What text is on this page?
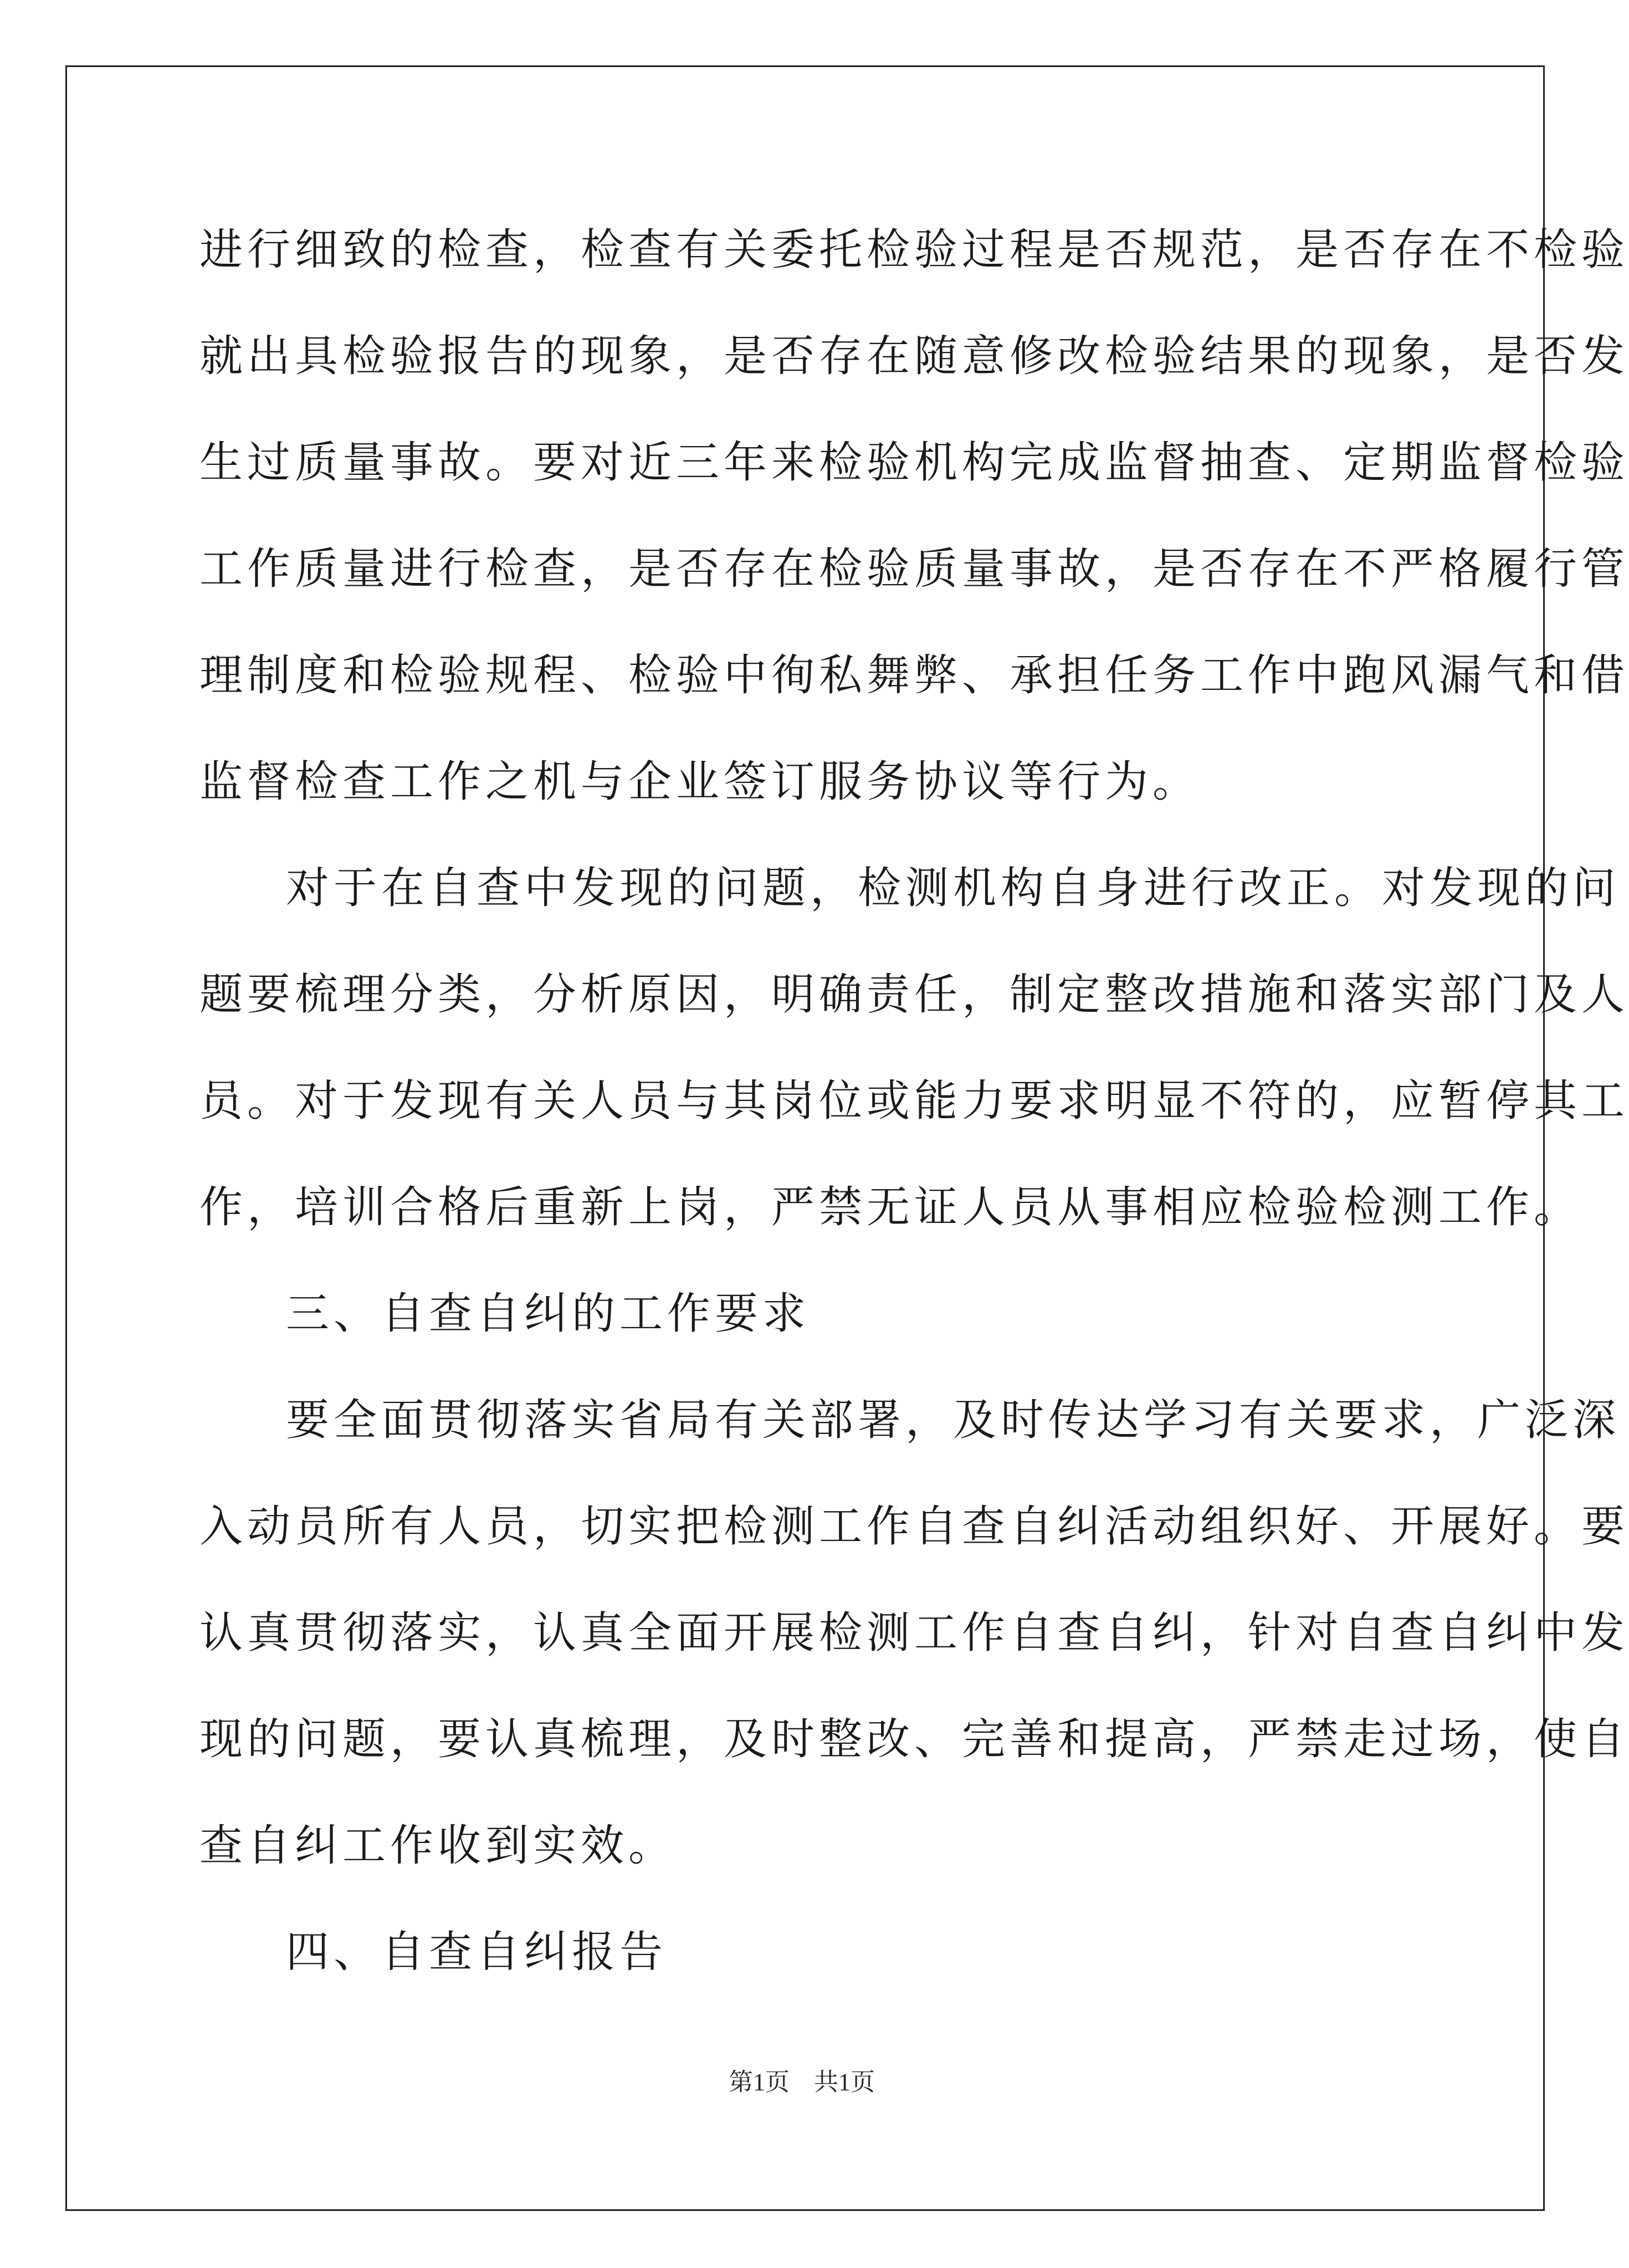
进行细致的检查，检查有关委托检验过程是否规范，是否存在不检验
就出具检验报告的现象，是否存在随意修改检验结果的现象，是否发
生过质量事故。要对近三年来检验机构完成监督抽查、定期监督检验
工作质量进行检查，是否存在检验质量事故，是否存在不严格履行管
理制度和检验规程、检验中徇私舞弊、承担任务工作中跑风漏气和借
监督检查工作之机与企业签订服务协议等行为。
对于在自查中发现的问题，检测机构自身进行改正。对发现的问
题要梳理分类，分析原因，明确责任，制定整改措施和落实部门及人
员。对于发现有关人员与其岗位或能力要求明显不符的，应暂停其工
作，培训合格后重新上岗，严禁无证人员从事相应检验检测工作。
三、自查自纠的工作要求
要全面贯彻落实省局有关部署，及时传达学习有关要求，广泛深
入动员所有人员，切实把检测工作自查自纠活动组织好、开展好。要
认真贯彻落实，认真全面开展检测工作自查自纠，针对自查自纠中发
现的问题，要认真梳理，及时整改、完善和提高，严禁走过场，使自
查自纠工作收到实效。
四、自查自纠报告
第1页 共1页
